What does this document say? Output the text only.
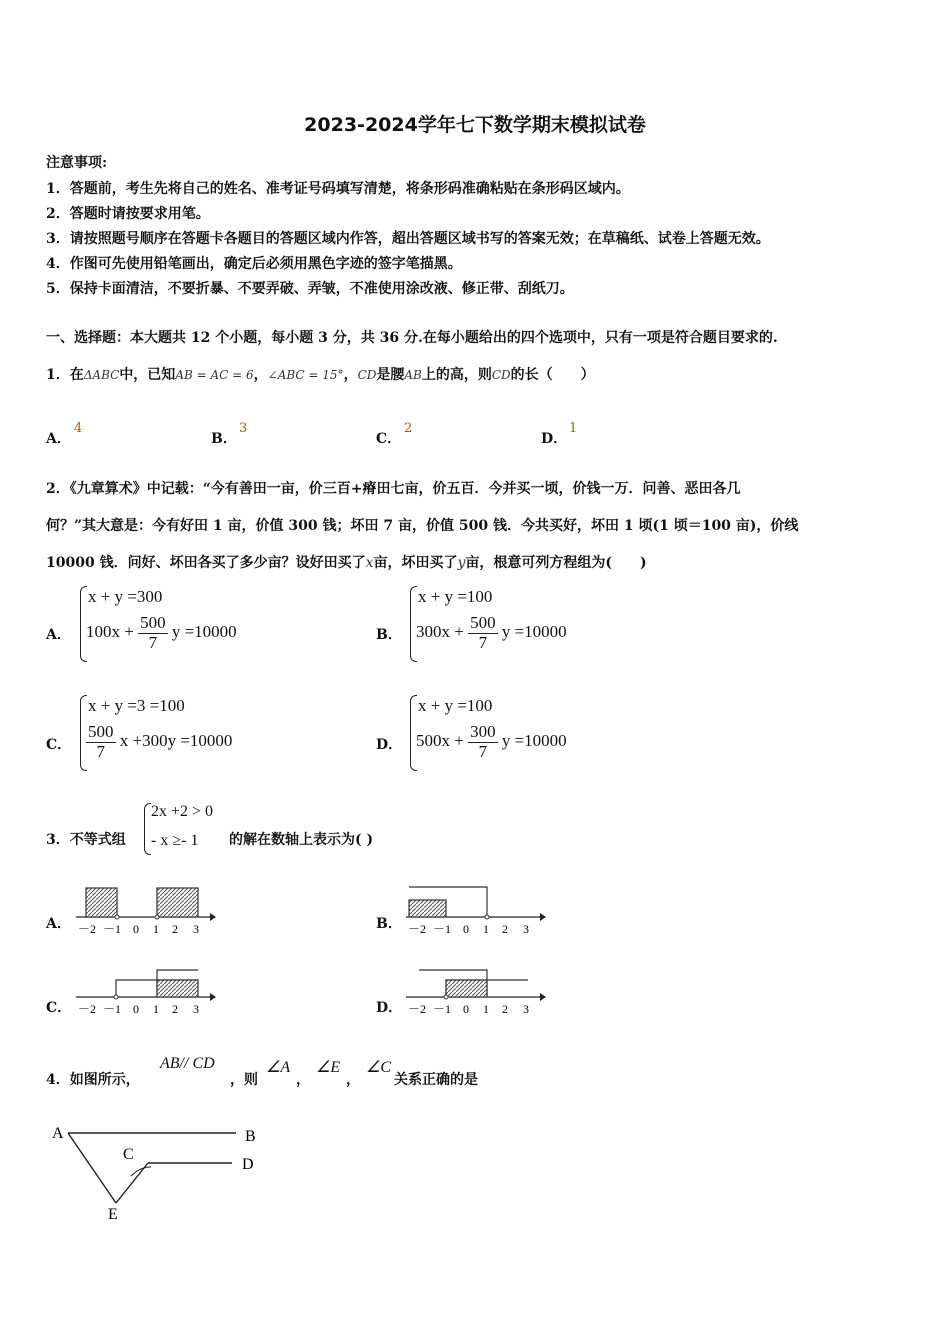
2023-2024学年七下数学期末模拟试卷
注意事项:
1．答题前，考生先将自己的姓名、准考证号码填写清楚，将条形码准确粘贴在条形码区域内。
2．答题时请按要求用笔。
3．请按照题号顺序在答题卡各题目的答题区域内作答，超出答题区域书写的答案无效；在草稿纸、试卷上答题无效。
4．作图可先使用铅笔画出，确定后必须用黑色字迹的签字笔描黑。
5．保持卡面清洁，不要折暴、不要弄破、弄皱，不准使用涂改液、修正带、刮纸刀。
一、选择题：本大题共 12 个小题，每小题 3 分，共 36 分.在每小题给出的四个选项中，只有一项是符合题目要求的.
1．在ΔABC中，已知AB = AC = 6，∠ABC = 15°，CD是腰AB上的高，则CD的长（　　）
A．
4
B．
3
C．
2
D．
1
2．《九章算术》中记载：“今有善田一亩，价三百+瘠田七亩，价五百．今并买一顷，价钱一万．问善、恶田各几
何？”其大意是：今有好田 1 亩，价值 300 钱；坏田 7 亩，价值 500 钱．今共买好，坏田 1 顷(1 顷＝100 亩)，价线
10000 钱．问好、坏田各买了多少亩？设好田买了x亩，坏田买了y亩，根意可列方程组为(　　)
A．
x + y =300
$100x + \frac{500}{7}$ y =10000	B．
x + y =100
$300x + \frac{500}{7}$ y =10000
C．
x + y =3 =100
$\frac{500}{7}$ x +300y =10000	D．
x + y =100
$500x + \frac{300}{7}$ y =10000
3．不等式组
2x +2 > 0
- x ≥- 1 的解在数轴上表示为( )
A．	B．
C．	D．
－2 －1 0 1 2 3	－2 －1 0 1 2 3
－2 －1 0 1 2 3	－2 －1 0 1 2 3
A	B
C
D
E
4．如图所示，
AB// CD
，则
∠A
，
∠E
，
∠C
关系正确的是
